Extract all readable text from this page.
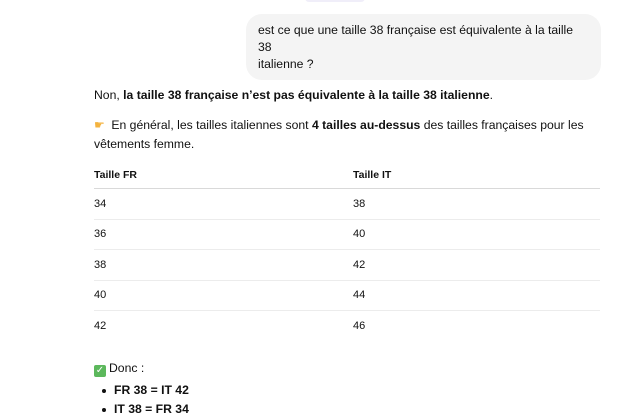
est ce que une taille 38 française est équivalente à la taille 38
italienne ?

Non, la taille 38 française n’est pas équivalente à la taille 38 italienne.

☛ En général, les tailles italiennes sont 4 tailles au-dessus des tailles françaises pour les vêtements femme.

Taille FR	Taille IT
34	38
36	40
38	42
40	44
42	46
✓ Donc :
FR 38 = IT 42
IT 38 = FR 34
